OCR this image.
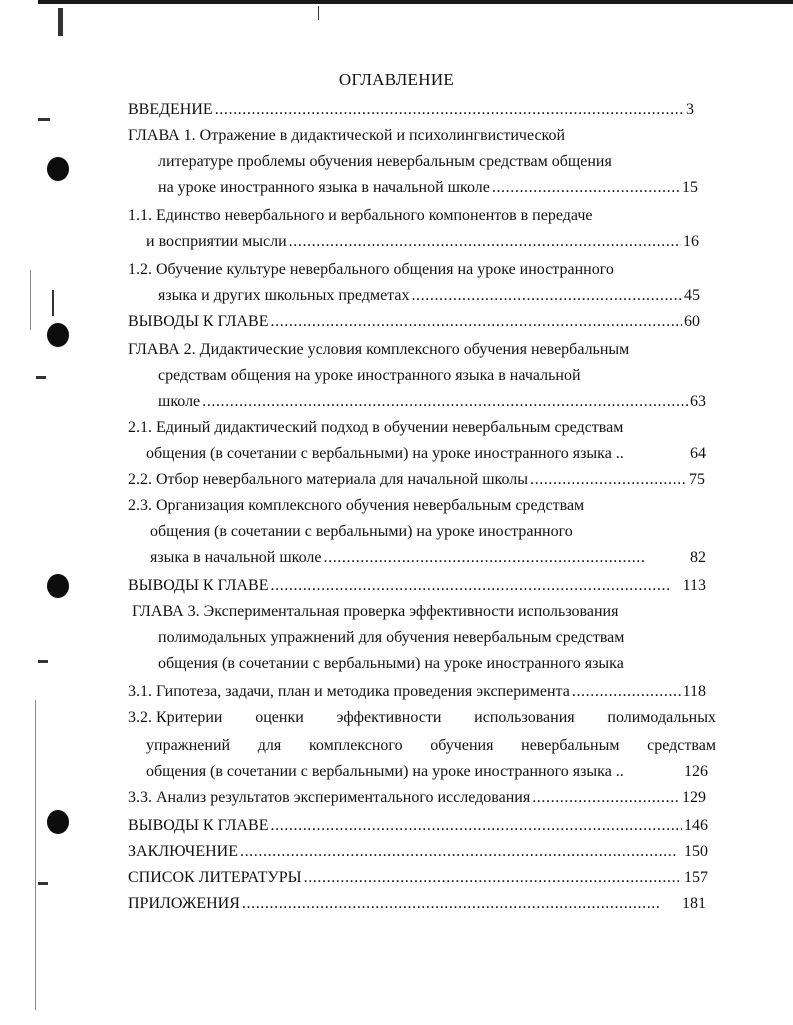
ОГЛАВЛЕНИЕ
ВВЕДЕНИЕ .....	3
ГЛАВА 1. Отражение в дидактической и психолингвистической
литературе проблемы обучения невербальным средствам общения
на уроке иностранного языка в начальной школе .....	15
1.1. Единство невербального и вербального компонентов в передаче
и восприятии мысли .....	16
1.2. Обучение культуре невербального общения на уроке иностранного
языка и других школьных предметах .....	45
ВЫВОДЫ К ГЛАВЕ .....	60
ГЛАВА 2. Дидактические условия комплексного обучения невербальным
средствам общения на уроке иностранного языка в начальной
школе .....	63
2.1. Единый дидактический подход в обучении невербальным средствам
общения (в сочетании с вербальными) на уроке иностранного языка ..	64
2.2. Отбор невербального материала для начальной школы .....	75
2.3. Организация комплексного обучения невербальным средствам
общения (в сочетании с вербальными) на уроке иностранного
языка в начальной школе .....	82
ВЫВОДЫ К ГЛАВЕ .....	113
ГЛАВА 3. Экспериментальная проверка эффективности использования
полимодальных упражнений для обучения невербальным средствам
общения (в сочетании с вербальными) на уроке иностранного языка
3.1. Гипотеза, задачи, план и методика проведения эксперимента .....	118
3.2. Критерии оценки эффективности использования полимодальных
упражнений для комплексного обучения невербальным средствам
общения (в сочетании с вербальными) на уроке иностранного языка ..	126
3.3. Анализ результатов экспериментального исследования .....	129
ВЫВОДЫ К ГЛАВЕ .....	146
ЗАКЛЮЧЕНИЕ .....	150
СПИСОК ЛИТЕРАТУРЫ .....	157
ПРИЛОЖЕНИЯ .....	181
